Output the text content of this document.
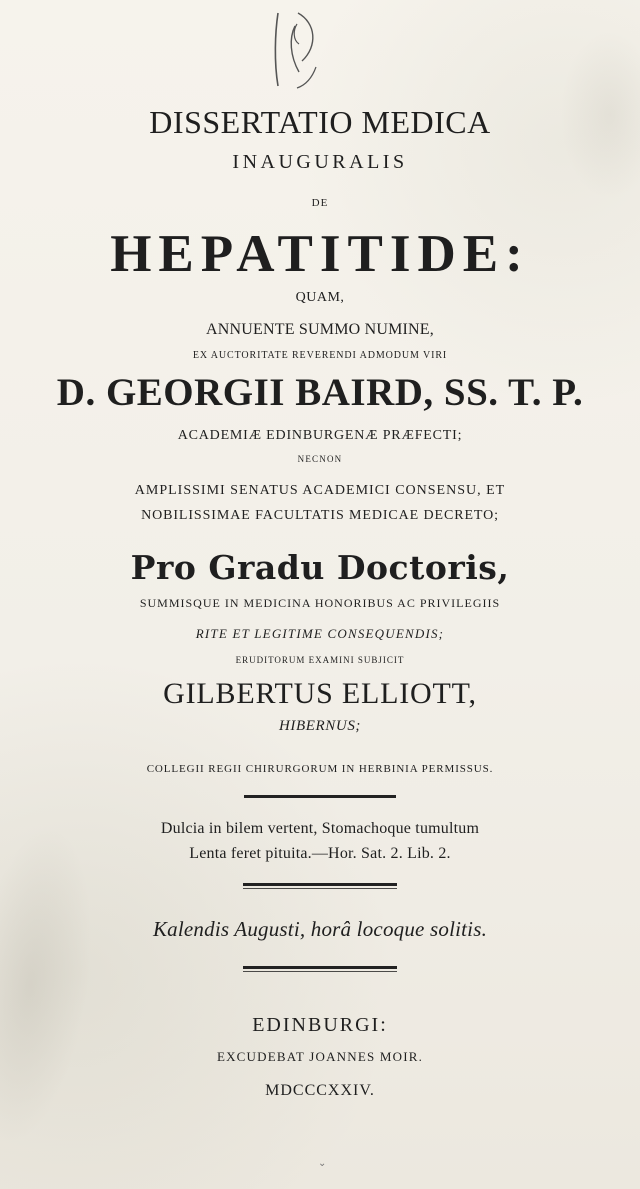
DISSERTATIO MEDICA
INAUGURALIS
DE
HEPATITIDE:
QUAM,
ANNUENTE SUMMO NUMINE,
EX AUCTORITATE REVERENDI ADMODUM VIRI
D. GEORGII BAIRD, SS. T. P.
ACADEMIÆ EDINBURGENÆ PRÆFECTI;
NECNON
AMPLISSIMI SENATUS ACADEMICI CONSENSU, ET
NOBILISSIMAE FACULTATIS MEDICAE DECRETO;
Pro Gradu Doctoris,
SUMMISQUE IN MEDICINA HONORIBUS AC PRIVILEGIIS
RITE ET LEGITIME CONSEQUENDIS;
ERUDITORUM EXAMINI SUBJICIT
GILBERTUS ELLIOTT,
HIBERNUS;
COLLEGII REGII CHIRURGORUM IN HERBINIA PERMISSUS.
Dulcia in bilem vertent, Stomachoque tumultum
Lenta feret pituita.—Hor. Sat. 2. Lib. 2.
Kalendis Augusti, horâ locoque solitis.
EDINBURGI:
EXCUDEBAT JOANNES MOIR.
MDCCCXXIV.
⌄
